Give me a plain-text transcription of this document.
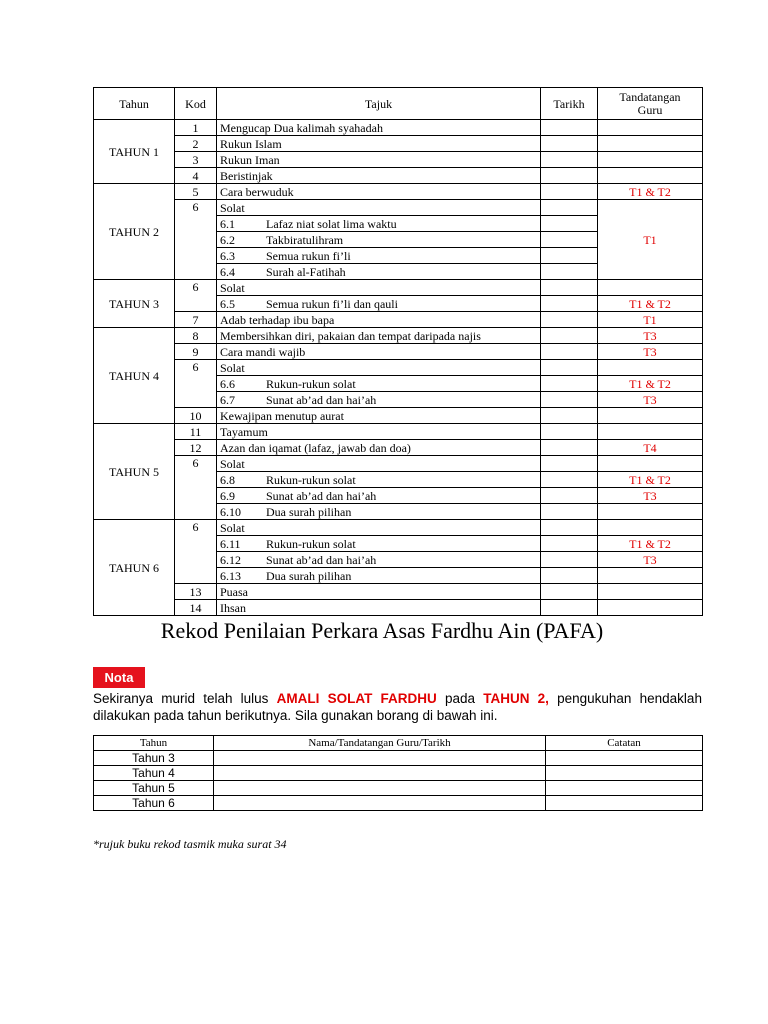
Tahun	Kod	Tajuk	Tarikh	Tandatangan Guru
TAHUN 1	1	Mengucap Dua kalimah syahadah		
	2	Rukun Islam		
	3	Rukun Iman		
	4	Beristinjak		
TAHUN 2	5	Cara berwuduk		T1 & T2
	6	Solat		T1
		6.1 Lafaz niat solat lima waktu		
		6.2 Takbiratulihram		
		6.3 Semua rukun fi’li		
		6.4 Surah al-Fatihah		
TAHUN 3	6	Solat		
		6.5 Semua rukun fi’li dan qauli		T1 & T2
	7	Adab terhadap ibu bapa		T1
TAHUN 4	8	Membersihkan diri, pakaian dan tempat daripada najis		T3
	9	Cara mandi wajib		T3
	6	Solat		
		6.6 Rukun-rukun solat		T1 & T2
		6.7 Sunat ab’ad dan hai’ah		T3
	10	Kewajipan menutup aurat		
TAHUN 5	11	Tayamum		
	12	Azan dan iqamat (lafaz, jawab dan doa)		T4
	6	Solat		
		6.8 Rukun-rukun solat		T1 & T2
		6.9 Sunat ab’ad dan hai’ah		T3
		6.10 Dua surah pilihan		
TAHUN 6	6	Solat		
		6.11 Rukun-rukun solat		T1 & T2
		6.12 Sunat ab’ad dan hai’ah		T3
		6.13 Dua surah pilihan		
	13	Puasa		
	14	Ihsan		
Rekod Penilaian Perkara Asas Fardhu Ain (PAFA)
Nota
Sekiranya murid telah lulus AMALI SOLAT FARDHU pada TAHUN 2, pengukuhan hendaklah dilakukan pada tahun berikutnya. Sila gunakan borang di bawah ini.
Tahun	Nama/Tandatangan Guru/Tarikh	Catatan
Tahun 3		
Tahun 4		
Tahun 5		
Tahun 6		
*rujuk buku rekod tasmik muka surat 34
